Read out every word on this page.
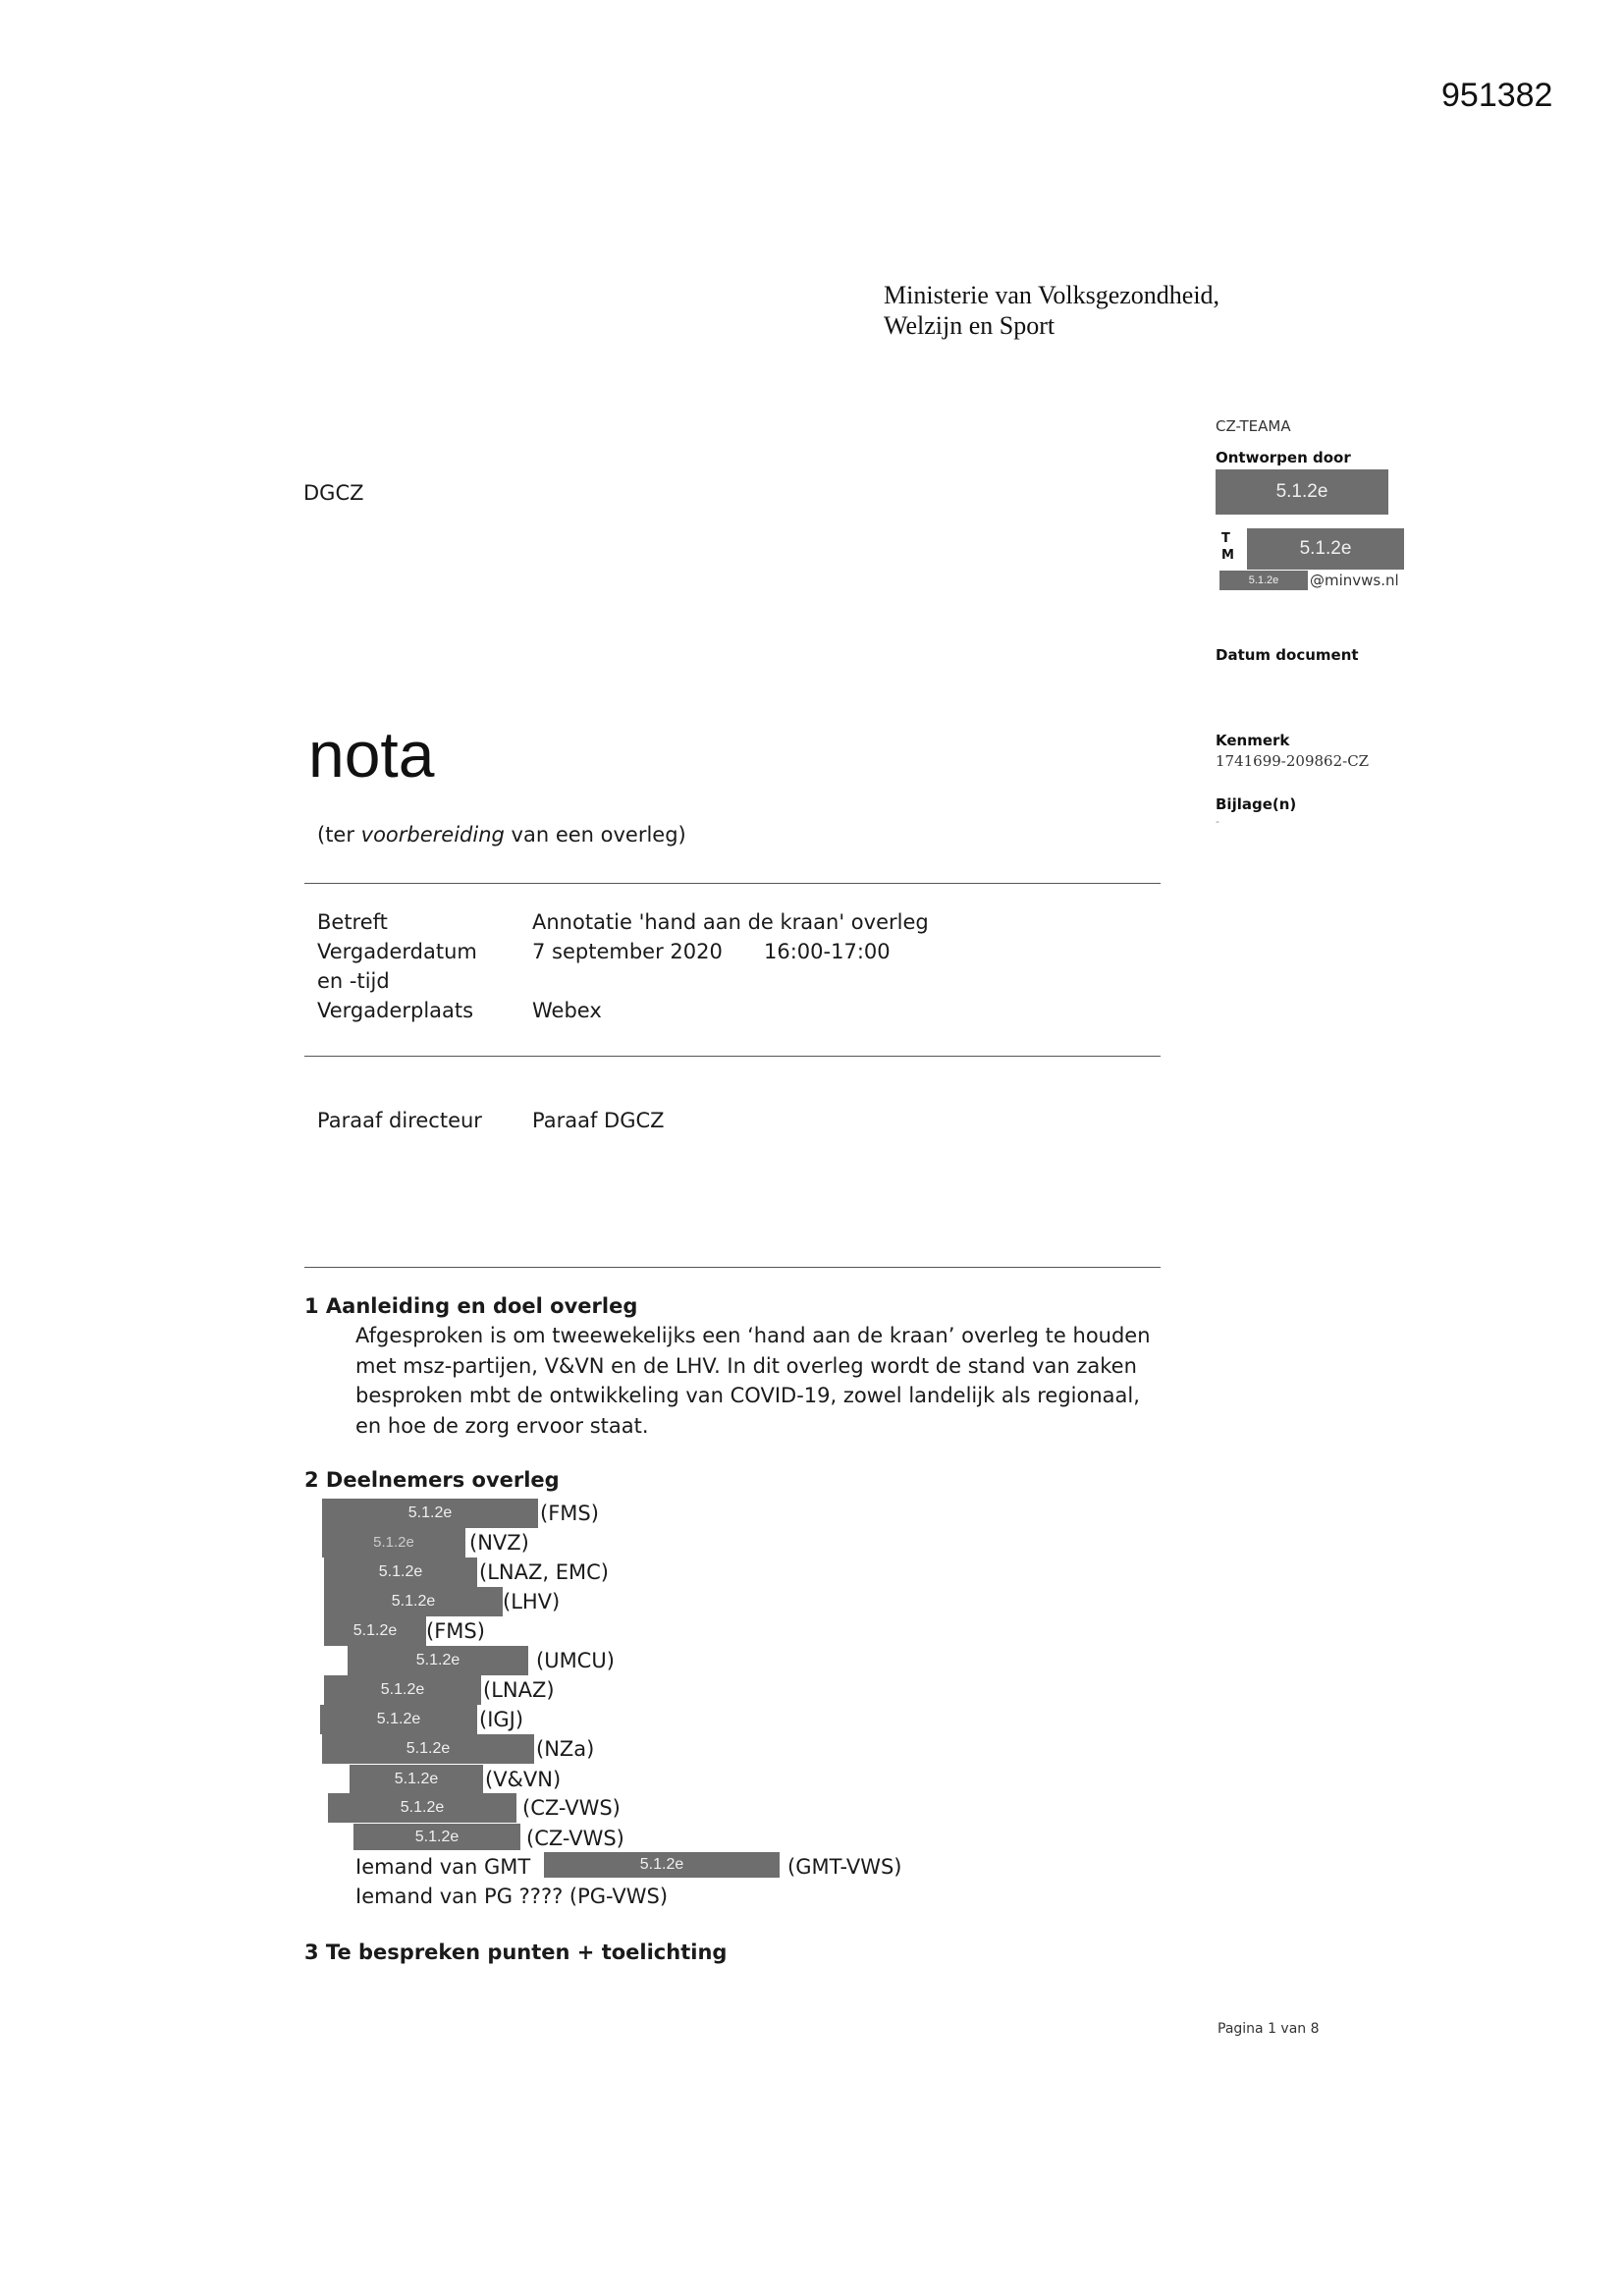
951382
Ministerie van Volksgezondheid,
Welzijn en Sport
DGCZ
CZ-TEAMA
Ontworpen door
5.1.2e
T
M	5.1.2e
5.1.2e	@minvws.nl
Datum document
Kenmerk
1741699-209862-CZ
Bijlage(n)
-
nota
(ter voorbereiding van een overleg)
Betreft	Annotatie 'hand aan de kraan' overleg
Vergaderdatum	7 september 2020 16:00-17:00
en -tijd
Vergaderplaats	Webex
Paraaf directeur Paraaf DGCZ
1 Aanleiding en doel overleg
Afgesproken is om tweewekelijks een ‘hand aan de kraan’ overleg te houden
met msz-partijen, V&VN en de LHV. In dit overleg wordt de stand van zaken
besproken mbt de ontwikkeling van COVID-19, zowel landelijk als regionaal,
en hoe de zorg ervoor staat.
2 Deelnemers overleg
5.1.2e	(FMS)
5.1.2e	(NVZ)
5.1.2e	(LNAZ, EMC)
5.1.2e	(LHV)
5.1.2e	(FMS)
5.1.2e	(UMCU)
5.1.2e	(LNAZ)
5.1.2e	(IGJ)
5.1.2e	(NZa)
5.1.2e	(V&VN)
5.1.2e	(CZ-VWS)
5.1.2e	(CZ-VWS)
Iemand van GMT	5.1.2e	(GMT-VWS)
Iemand van PG ???? (PG-VWS)
3 Te bespreken punten + toelichting
Pagina 1 van 8
